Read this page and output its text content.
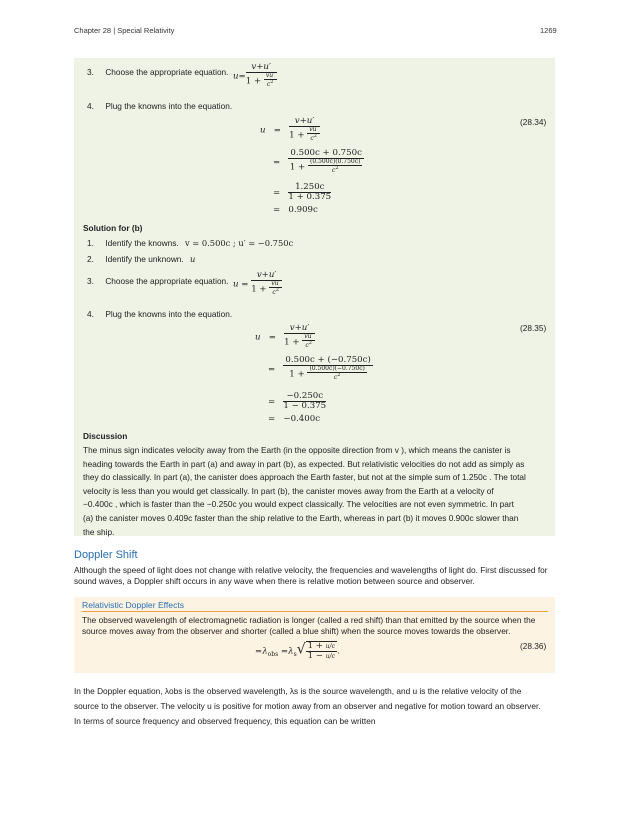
Chapter 28 | Special Relativity	1269
3. Choose the appropriate equation. $u= \frac{v+u'}{1 + \frac{vu'}{c^2}}$
4. Plug the knowns into the equation.
(28.34)
$u = \frac{v+u'}{1 + \frac{vu'}{c^2}}$
= $\frac{0.500c + 0.750c}{1 + \frac{(0.500c)(0.750c)}{c^2}}$
= $\frac{1.250c}{1 + 0.375}$
=   0.909c
Solution for (b)
1. Identify the knowns. v = 0.500c ; u′ = −0.750c
2. Identify the unknown. u
3. Choose the appropriate equation. $u = \frac{v+u'}{1 + \frac{vu'}{c^2}}$
4. Plug the knowns into the equation.
(28.35)
$u = \frac{v+u'}{1 + \frac{vu'}{c^2}}$
= $\frac{0.500c + (-0.750c)}{1 + \frac{(0.500c)(-0.750c)}{c^2}}$
= $\frac{-0.250c}{1 - 0.375}$
=   −0.400c
Discussion
The minus sign indicates velocity away from the Earth (in the opposite direction from v ), which means the canister is
heading towards the Earth in part (a) and away in part (b), as expected. But relativistic velocities do not add as simply as
they do classically. In part (a), the canister does approach the Earth faster, but not at the simple sum of 1.250c . The total
velocity is less than you would get classically. In part (b), the canister moves away from the Earth at a velocity of
−0.400c , which is faster than the −0.250c you would expect classically. The velocities are not even symmetric. In part
(a) the canister moves 0.409c faster than the ship relative to the Earth, whereas in part (b) it moves 0.900c slower than
the ship.
Doppler Shift
Although the speed of light does not change with relative velocity, the frequencies and wavelengths of light do. First discussed for
sound waves, a Doppler shift occurs in any wave when there is relative motion between source and observer.
Relativistic Doppler Effects
The observed wavelength of electromagnetic radiation is longer (called a red shift) than that emitted by the source when the
source moves away from the observer and shorter (called a blue shift) when the source moves towards the observer.
(28.36)
$=\lambda_{obs} =\lambda_s√ \frac{1 + u/c}{1 - u/c}$ .
In the Doppler equation, λobs is the observed wavelength, λs is the source wavelength, and u is the relative velocity of the
source to the observer. The velocity u is positive for motion away from an observer and negative for motion toward an observer.
In terms of source frequency and observed frequency, this equation can be written
